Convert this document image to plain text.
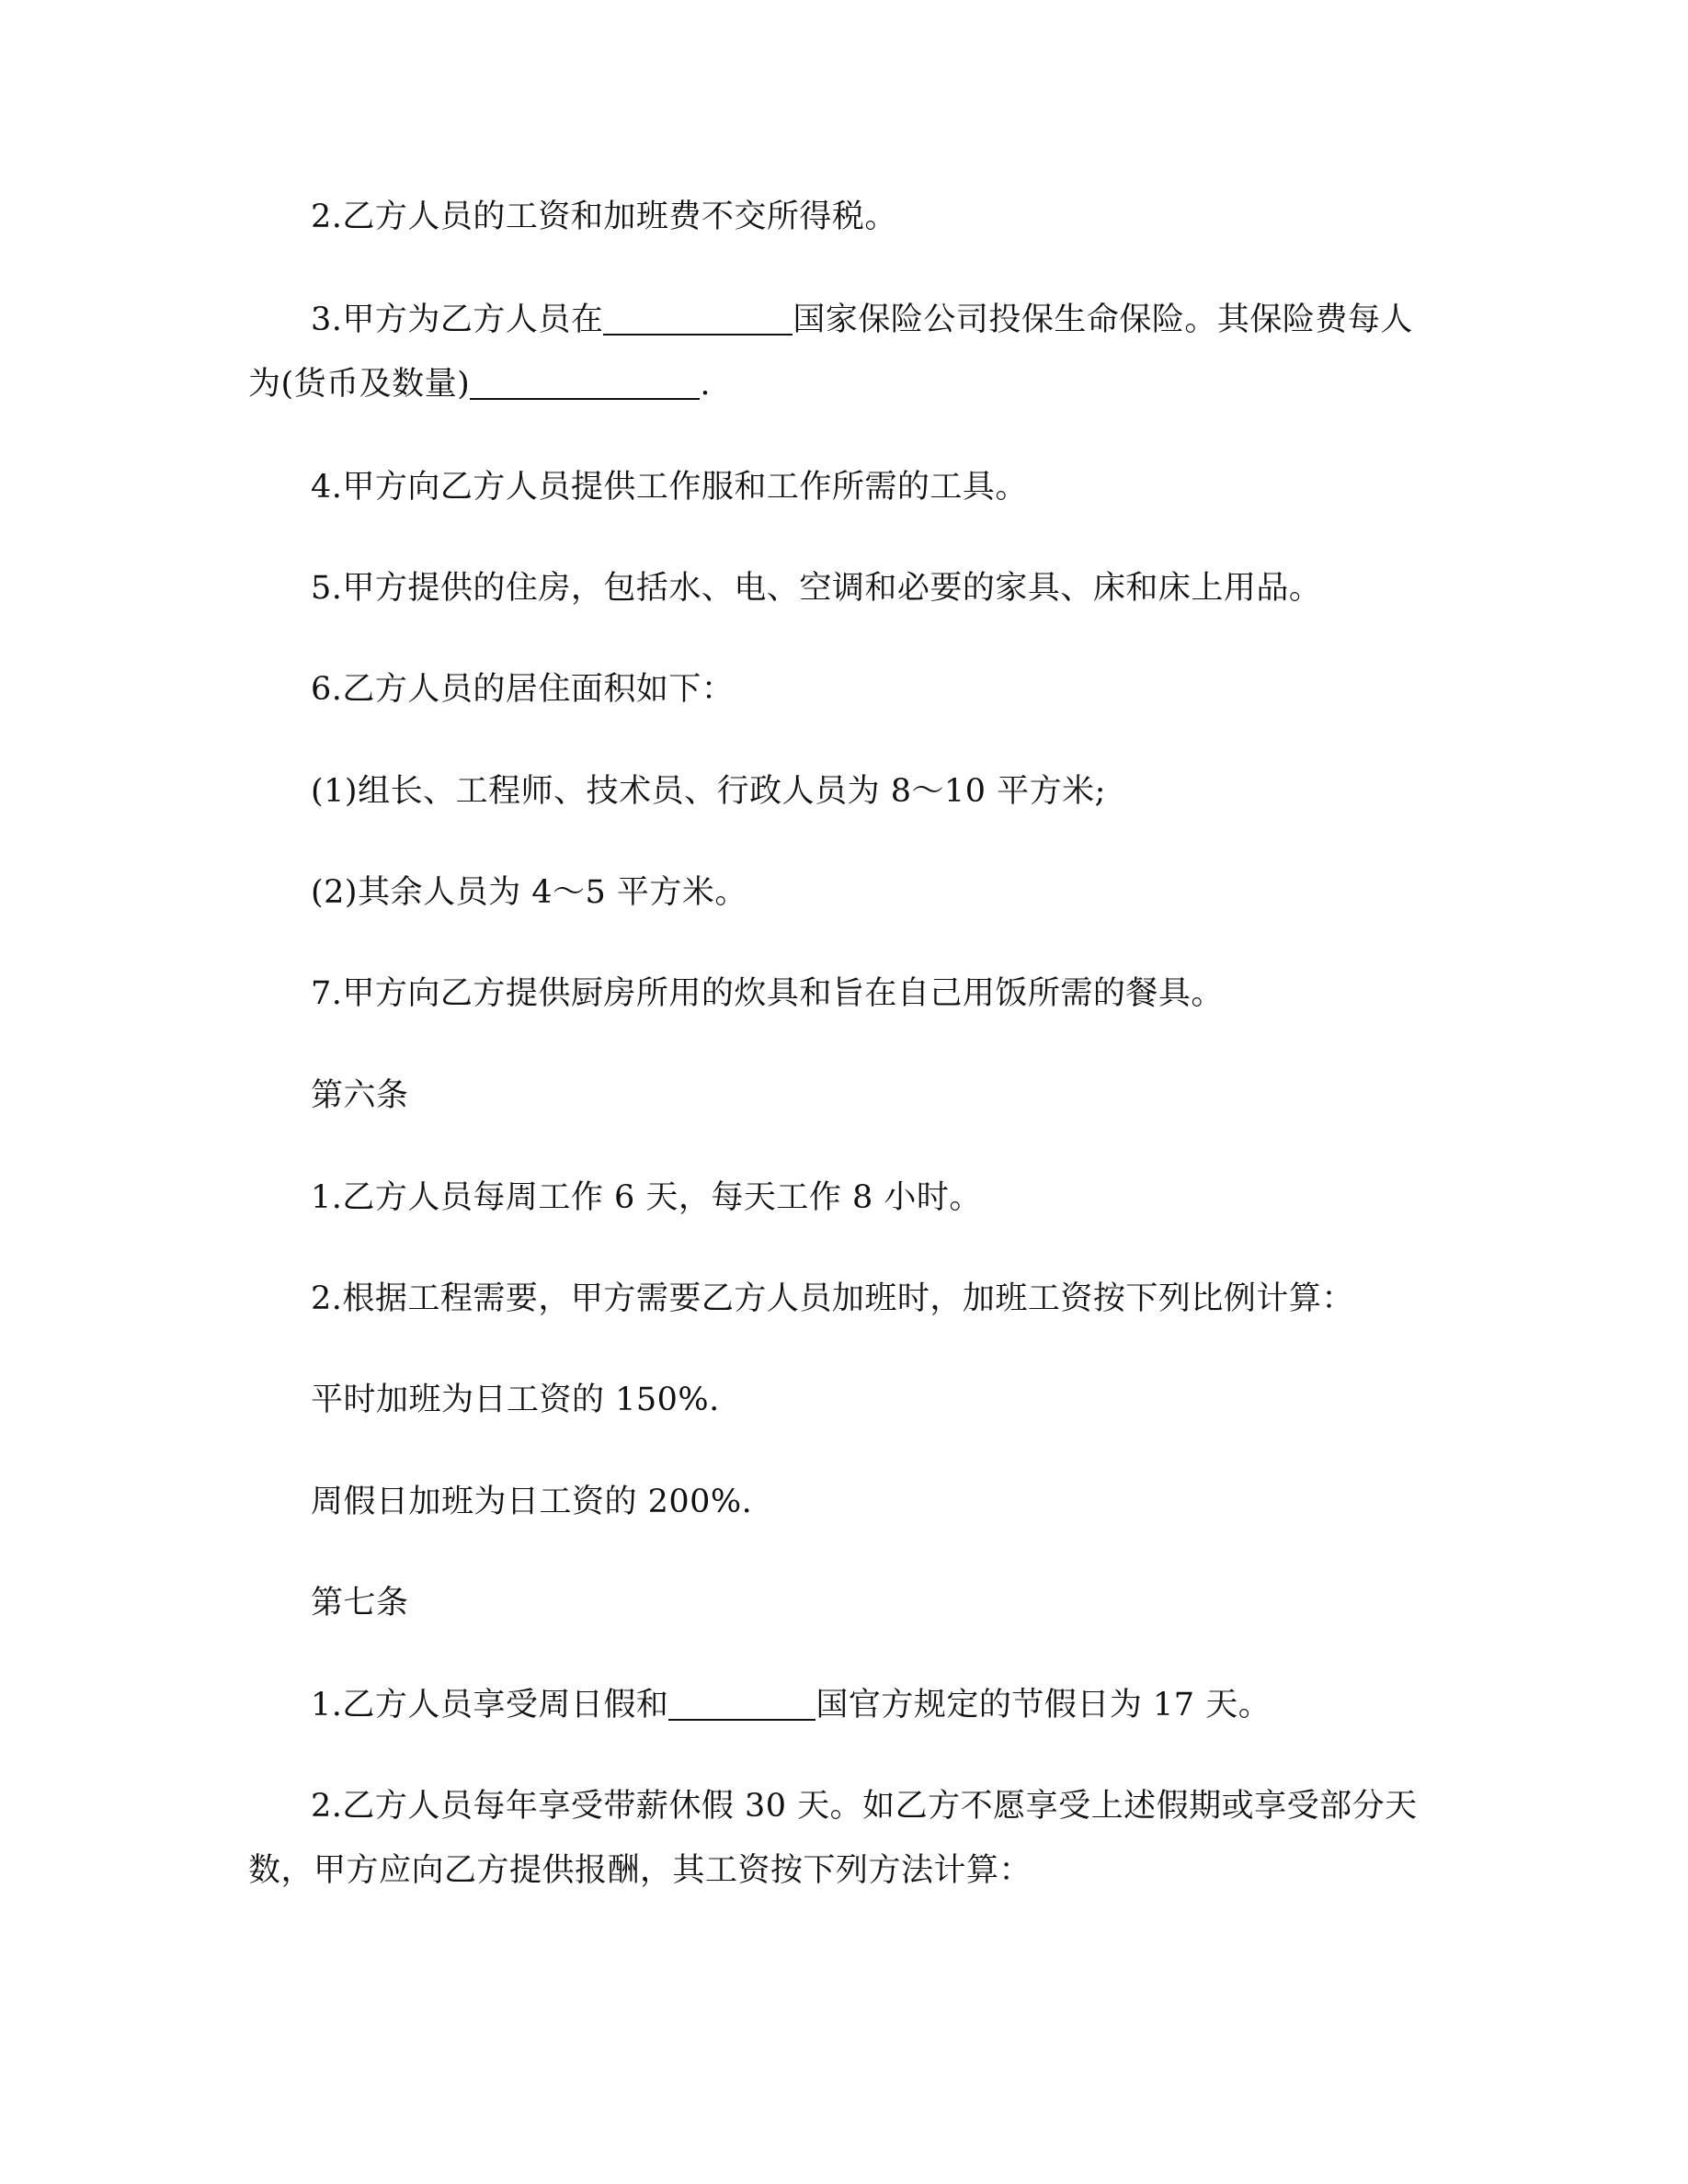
2.乙方人员的工资和加班费不交所得税。
3.甲方为乙方人员在	国家保险公司投保生命保险。其保险费每人
为(货币及数量)	.
4.甲方向乙方人员提供工作服和工作所需的工具。
5.甲方提供的住房，包括水、电、空调和必要的家具、床和床上用品。
6.乙方人员的居住面积如下：
(1)组长、工程师、技术员、行政人员为 8～10 平方米;
(2)其余人员为 4～5 平方米。
7.甲方向乙方提供厨房所用的炊具和旨在自己用饭所需的餐具。
第六条
1.乙方人员每周工作 6 天，每天工作 8 小时。
2.根据工程需要，甲方需要乙方人员加班时，加班工资按下列比例计算：
平时加班为日工资的 150%.
周假日加班为日工资的 200%.
第七条
1.乙方人员享受周日假和	国官方规定的节假日为 17 天。
2.乙方人员每年享受带薪休假 30 天。如乙方不愿享受上述假期或享受部分天
数，甲方应向乙方提供报酬，其工资按下列方法计算：
